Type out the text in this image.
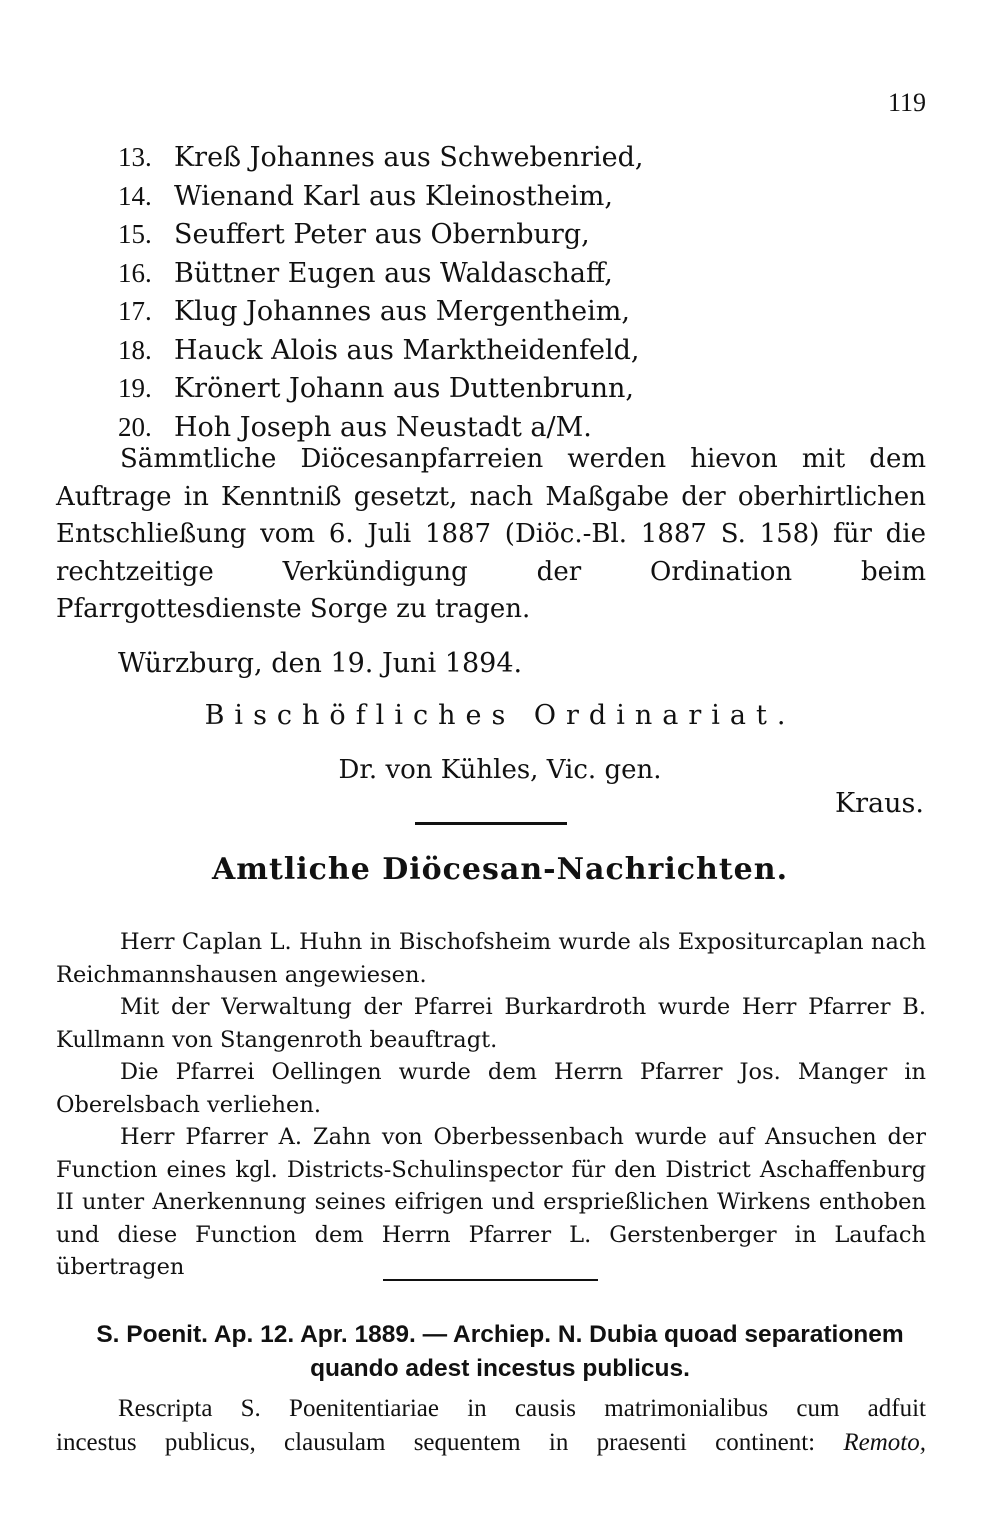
119
13. Kreß Johannes aus Schwebenried,
14. Wienand Karl aus Kleinostheim,
15. Seuffert Peter aus Obernburg,
16. Büttner Eugen aus Waldaschaff,
17. Klug Johannes aus Mergentheim,
18. Hauck Alois aus Marktheidenfeld,
19. Krönert Johann aus Duttenbrunn,
20. Hoh Joseph aus Neustadt a/M.
Sämmtliche Diöcesanpfarreien werden hievon mit dem Auftrage in Kenntniß gesetzt, nach Maßgabe der oberhirtlichen Entschließung vom 6. Juli 1887 (Diöc.-Bl. 1887 S. 158) für die rechtzeitige Verkündigung der Ordination beim Pfarrgottesdienste Sorge zu tragen.
Würzburg, den 19. Juni 1894.
Bischöfliches Ordinariat.
Dr. von Kühles, Vic. gen.
Kraus.
Amtliche Diöcesan-Nachrichten.
Herr Caplan L. Huhn in Bischofsheim wurde als Expositurcaplan nach Reichmannshausen angewiesen.
Mit der Verwaltung der Pfarrei Burkardroth wurde Herr Pfarrer B. Kullmann von Stangenroth beauftragt.
Die Pfarrei Oellingen wurde dem Herrn Pfarrer Jos. Manger in Oberelsbach verliehen.
Herr Pfarrer A. Zahn von Oberbessenbach wurde auf Ansuchen der Function eines kgl. Districts-Schulinspector für den District Aschaffenburg II unter Anerkennung seines eifrigen und ersprießlichen Wirkens enthoben und diese Function dem Herrn Pfarrer L. Gerstenberger in Laufach übertragen
S. Poenit. Ap. 12. Apr. 1889. — Archiep. N. Dubia quoad separationem
quando adest incestus publicus.
Rescripta S. Poenitentiariae in causis matrimonialibus cum adfuit
incestus publicus, clausulam sequentem in praesenti continent: Remoto,
